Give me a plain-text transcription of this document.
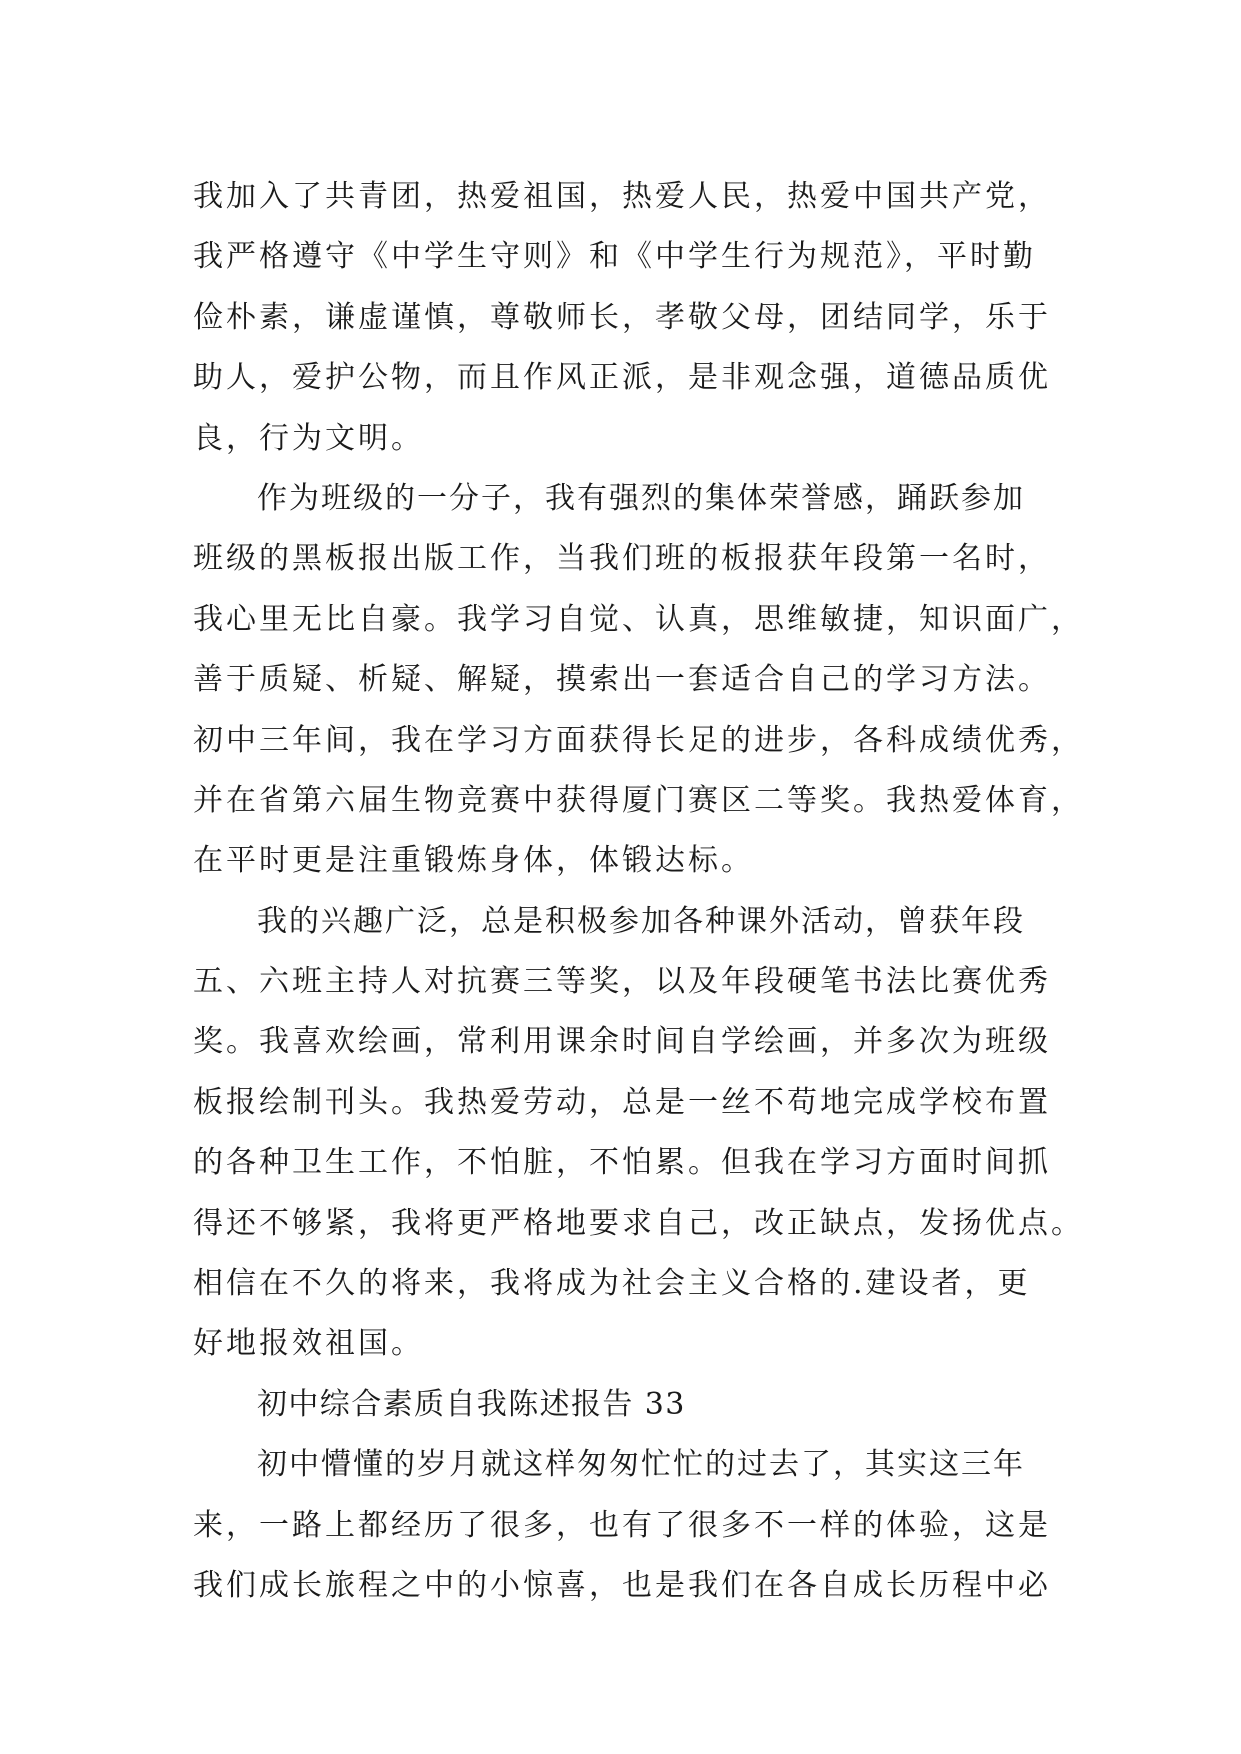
我加入了共青团，热爱祖国，热爱人民，热爱中国共产党，
我严格遵守《中学生守则》和《中学生行为规范》，平时勤
俭朴素，谦虚谨慎，尊敬师长，孝敬父母，团结同学，乐于
助人，爱护公物，而且作风正派，是非观念强，道德品质优
良，行为文明。
作为班级的一分子，我有强烈的集体荣誉感，踊跃参加
班级的黑板报出版工作，当我们班的板报获年段第一名时，
我心里无比自豪。我学习自觉、认真，思维敏捷，知识面广，
善于质疑、析疑、解疑，摸索出一套适合自己的学习方法。
初中三年间，我在学习方面获得长足的进步，各科成绩优秀，
并在省第六届生物竞赛中获得厦门赛区二等奖。我热爱体育，
在平时更是注重锻炼身体，体锻达标。
我的兴趣广泛，总是积极参加各种课外活动，曾获年段
五、六班主持人对抗赛三等奖，以及年段硬笔书法比赛优秀
奖。我喜欢绘画，常利用课余时间自学绘画，并多次为班级
板报绘制刊头。我热爱劳动，总是一丝不苟地完成学校布置
的各种卫生工作，不怕脏，不怕累。但我在学习方面时间抓
得还不够紧，我将更严格地要求自己，改正缺点，发扬优点。
相信在不久的将来，我将成为社会主义合格的.建设者，更
好地报效祖国。
初中综合素质自我陈述报告 33
初中懵懂的岁月就这样匆匆忙忙的过去了，其实这三年
来，一路上都经历了很多，也有了很多不一样的体验，这是
我们成长旅程之中的小惊喜，也是我们在各自成长历程中必
